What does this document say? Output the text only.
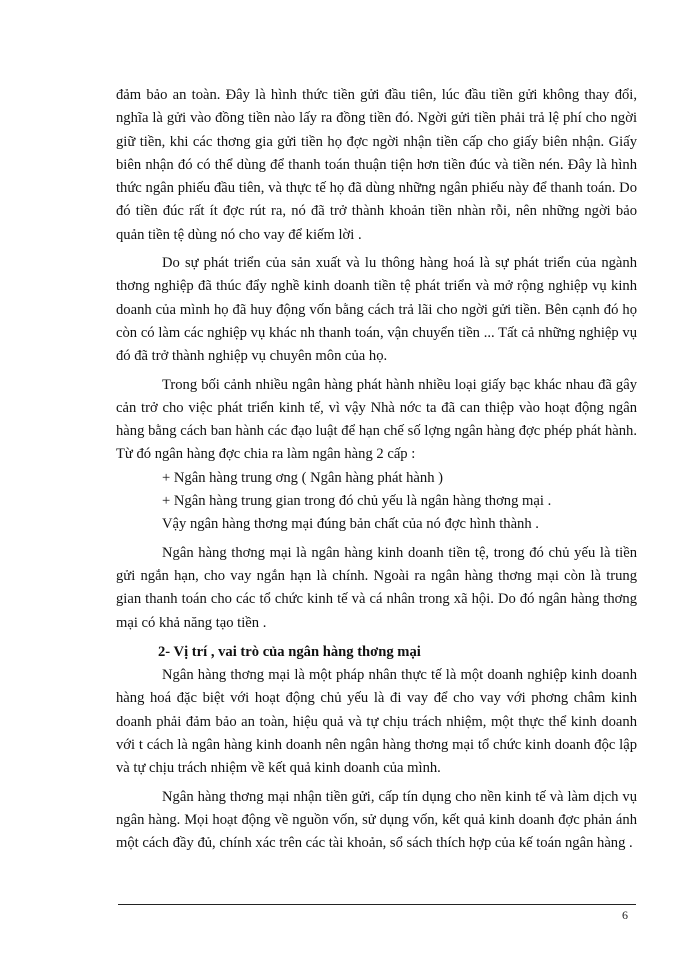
đảm bảo an toàn. Đây là hình thức tiền gửi đầu tiên, lúc đầu tiền gửi không thay đổi, nghĩa là gửi vào đồng tiền nào lấy ra đồng tiền đó. Ngời gửi tiền phải trả lệ phí cho ngời giữ tiền, khi các thơng gia gửi tiền họ đợc ngời nhận tiền cấp cho giấy biên nhận. Giấy biên nhận đó có thể dùng để thanh toán thuận tiện hơn tiền đúc và tiền nén. Đây là hình thức ngân phiếu đầu tiên, và thực tế họ đã dùng những ngân phiếu này để thanh toán. Do đó tiền đúc rất ít đợc rút ra, nó đã trở thành khoản tiền nhàn rỗi, nên những ngời bảo quản tiền tệ dùng nó cho vay để kiếm lời .

Do sự phát triển của sản xuất và lu thông hàng hoá là sự phát triển của ngành thơng nghiệp đã thúc đẩy nghề kinh doanh tiền tệ phát triển và mở rộng nghiệp vụ kinh doanh của mình họ đã huy động vốn bằng cách trả lãi cho ngời gửi tiền. Bên cạnh đó họ còn có làm các nghiệp vụ khác nh thanh toán, vận chuyển tiền ... Tất cả những nghiệp vụ đó đã trở thành nghiệp vụ chuyên môn của họ.

Trong bối cảnh nhiều ngân hàng phát hành nhiều loại giấy bạc khác nhau đã gây cản trở cho việc phát triển kinh tế, vì vậy Nhà nớc ta đã can thiệp vào hoạt động ngân hàng bằng cách ban hành các đạo luật để hạn chế số lợng ngân hàng đợc phép phát hành. Từ đó ngân hàng đợc chia ra làm ngân hàng 2 cấp :

+ Ngân hàng trung ơng ( Ngân hàng phát hành )

+ Ngân hàng trung gian trong đó chủ yếu là ngân hàng thơng mại .

Vậy ngân hàng thơng mại đúng bản chất của nó đợc hình thành .

Ngân hàng thơng mại là ngân hàng kinh doanh tiền tệ, trong đó chủ yếu là tiền gửi ngắn hạn, cho vay ngắn hạn là chính. Ngoài ra ngân hàng thơng mại còn là trung gian thanh toán cho các tổ chức kinh tế và cá nhân trong xã hội. Do đó ngân hàng thơng mại có khả năng tạo tiền .

2- Vị trí , vai trò của ngân hàng thơng mại

Ngân hàng thơng mại là một pháp nhân thực tế là một doanh nghiệp kinh doanh hàng hoá đặc biệt với hoạt động chủ yếu là đi vay để cho vay với phơng châm kinh doanh phải đảm bảo an toàn, hiệu quả và tự chịu trách nhiệm, một thực thể kinh doanh với t cách là ngân hàng kinh doanh nên ngân hàng thơng mại tổ chức kinh doanh độc lập và tự chịu trách nhiệm về kết quả kinh doanh của mình.

Ngân hàng thơng mại nhận tiền gửi, cấp tín dụng cho nền kinh tế và làm dịch vụ ngân hàng. Mọi hoạt động về nguồn vốn, sử dụng vốn, kết quả kinh doanh đợc phản ánh một cách đầy đủ, chính xác trên các tài khoản, sổ sách thích hợp của kế toán ngân hàng .

6
